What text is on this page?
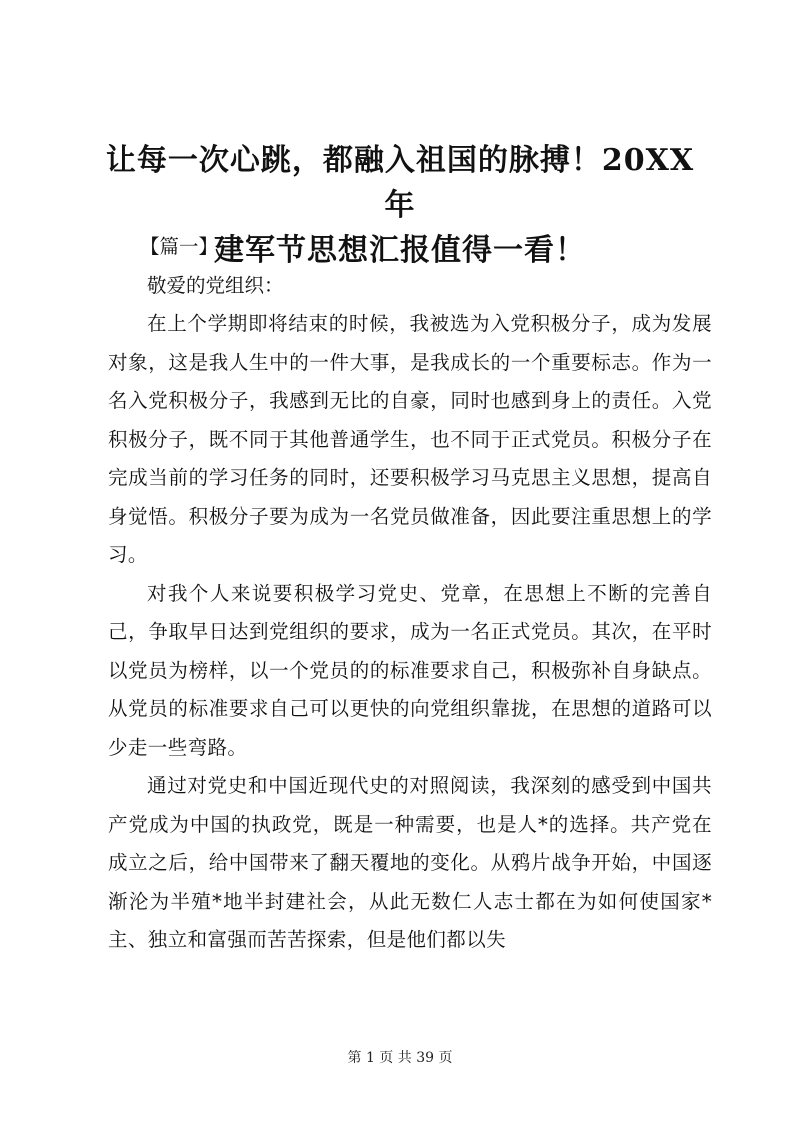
让每一次心跳，都融入祖国的脉搏！20XX年
建军节思想汇报值得一看！

【篇一】

敬爱的党组织：

在上个学期即将结束的时候，我被选为入党积极分子，成为发展对象，这是我人生中的一件大事，是我成长的一个重要标志。作为一名入党积极分子，我感到无比的自豪，同时也感到身上的责任。入党积极分子，既不同于其他普通学生，也不同于正式党员。积极分子在完成当前的学习任务的同时，还要积极学习马克思主义思想，提高自身觉悟。积极分子要为成为一名党员做准备，因此要注重思想上的学习。

对我个人来说要积极学习党史、党章，在思想上不断的完善自己，争取早日达到党组织的要求，成为一名正式党员。其次，在平时以党员为榜样，以一个党员的的标准要求自己，积极弥补自身缺点。从党员的标准要求自己可以更快的向党组织靠拢，在思想的道路可以少走一些弯路。

通过对党史和中国近现代史的对照阅读，我深刻的感受到中国共产党成为中国的执政党，既是一种需要，也是人*的选择。共产党在成立之后，给中国带来了翻天覆地的变化。从鸦片战争开始，中国逐渐沦为半殖*地半封建社会，从此无数仁人志士都在为如何使国家*主、独立和富强而苦苦探索，但是他们都以失

第 1 页 共 39 页
